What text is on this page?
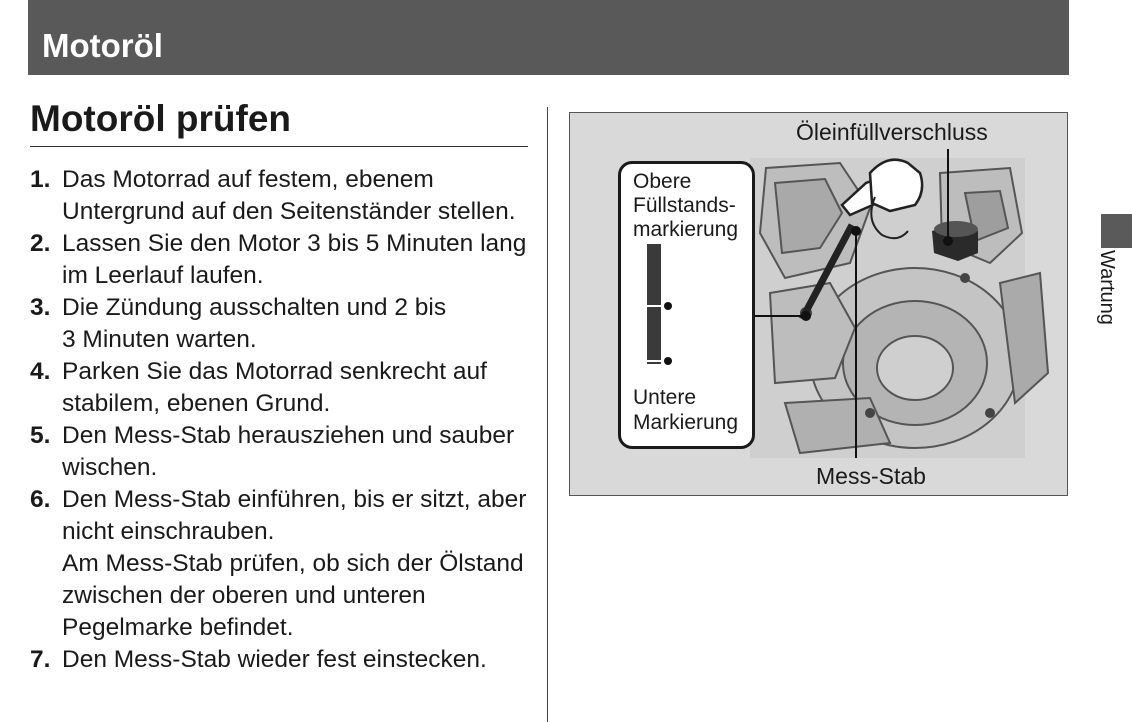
Motoröl
Motoröl prüfen
1. Das Motorrad auf festem, ebenem
Untergrund auf den Seitenständer stellen.
2. Lassen Sie den Motor 3 bis 5 Minuten lang
im Leerlauf laufen.
3. Die Zündung ausschalten und 2 bis
3 Minuten warten.
4. Parken Sie das Motorrad senkrecht auf
stabilem, ebenen Grund.
5. Den Mess-Stab herausziehen und sauber
wischen.
6. Den Mess-Stab einführen, bis er sitzt, aber
nicht einschrauben.
Am Mess-Stab prüfen, ob sich der Ölstand
zwischen der oberen und unteren
Pegelmarke befindet.
7. Den Mess-Stab wieder fest einstecken.
Obere
Füllstands-
markierung
Untere
Markierung
Öleinfüllverschluss
Mess-Stab
Wartung
